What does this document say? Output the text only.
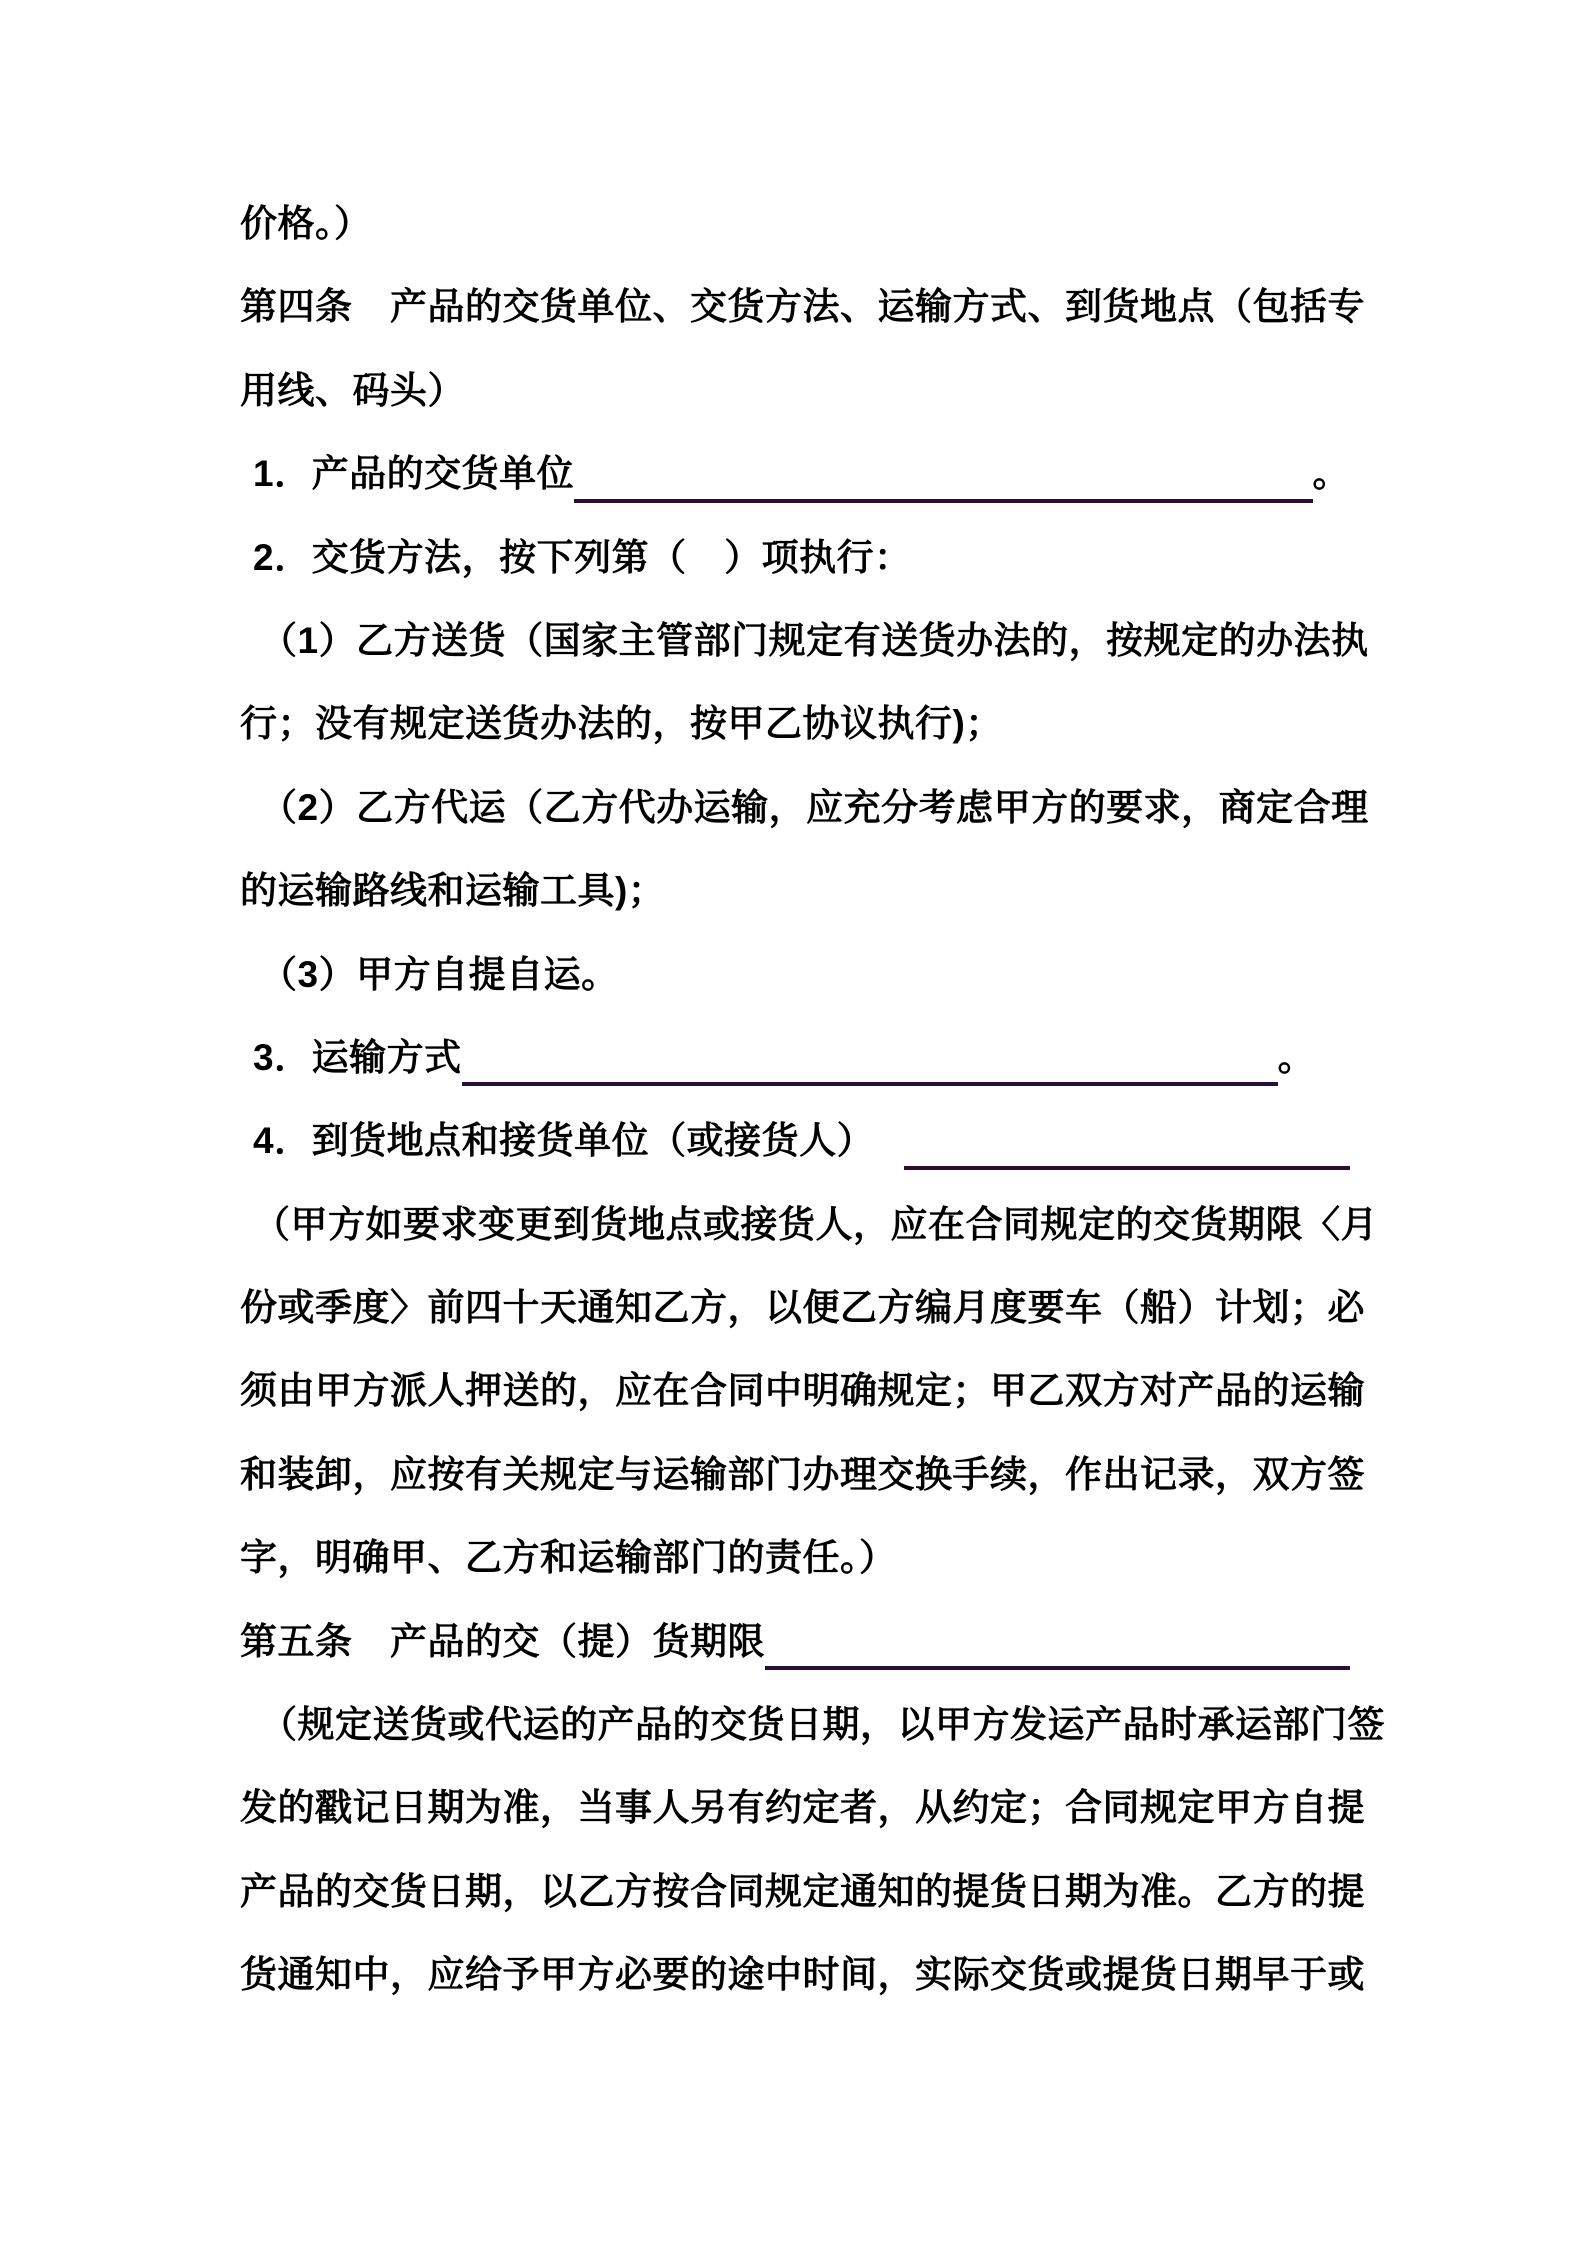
价格。）
第四条　产品的交货单位、交货方法、运输方式、到货地点（包括专
用线、码头）
1．产品的交货单位	。
2．交货方法，按下列第（　）项执行：
（1）乙方送货（国家主管部门规定有送货办法的，按规定的办法执
行；没有规定送货办法的，按甲乙协议执行)；
（2）乙方代运（乙方代办运输，应充分考虑甲方的要求，商定合理
的运输路线和运输工具)；
（3）甲方自提自运。
3．运输方式	。
4．到货地点和接货单位（或接货人）
（甲方如要求变更到货地点或接货人，应在合同规定的交货期限〈月
份或季度〉前四十天通知乙方，以便乙方编月度要车（船）计划；必
须由甲方派人押送的，应在合同中明确规定；甲乙双方对产品的运输
和装卸，应按有关规定与运输部门办理交换手续，作出记录，双方签
字，明确甲、乙方和运输部门的责任。）
第五条　产品的交（提）货期限
（规定送货或代运的产品的交货日期，以甲方发运产品时承运部门签
发的戳记日期为准，当事人另有约定者，从约定；合同规定甲方自提
产品的交货日期，以乙方按合同规定通知的提货日期为准。乙方的提
货通知中，应给予甲方必要的途中时间，实际交货或提货日期早于或
